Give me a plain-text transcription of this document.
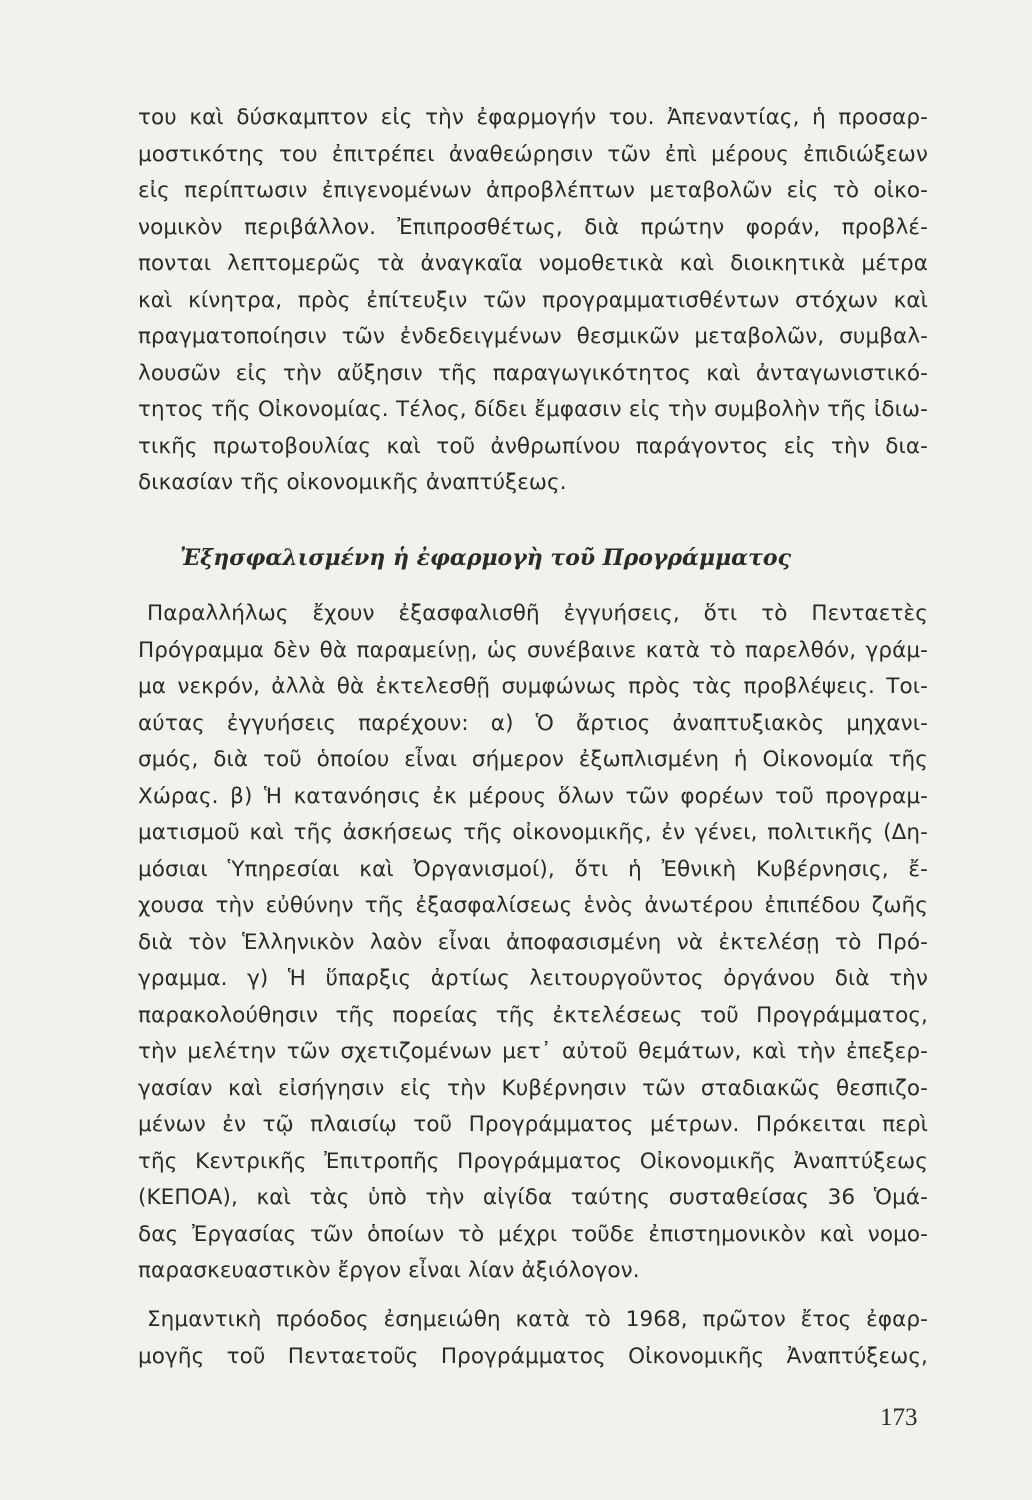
του καὶ δύσκαμπτον εἰς τὴν ἐφαρμογήν του. Ἀπεναντίας, ἡ προσαρ-
μοστικότης του ἐπιτρέπει ἀναθεώρησιν τῶν ἐπὶ μέρους ἐπιδιώξεων
εἰς περίπτωσιν ἐπιγενομένων ἀπροβλέπτων μεταβολῶν εἰς τὸ οἰκο-
νομικὸν περιβάλλον. Ἐπιπροσθέτως, διὰ πρώτην φοράν, προβλέ-
πονται λεπτομερῶς τὰ ἀναγκαῖα νομοθετικὰ καὶ διοικητικὰ μέτρα
καὶ κίνητρα, πρὸς ἐπίτευξιν τῶν προγραμματισθέντων στόχων καὶ
πραγματοποίησιν τῶν ἐνδεδειγμένων θεσμικῶν μεταβολῶν, συμβαλ-
λουσῶν εἰς τὴν αὔξησιν τῆς παραγωγικότητος καὶ ἀνταγωνιστικό-
τητος τῆς Οἰκονομίας. Τέλος, δίδει ἔμφασιν εἰς τὴν συμβολὴν τῆς ἰδιω-
τικῆς πρωτοβουλίας καὶ τοῦ ἀνθρωπίνου παράγοντος εἰς τὴν δια-
δικασίαν τῆς οἰκονομικῆς ἀναπτύξεως.
Ἐξησφαλισμένη ἡ ἐφαρμογὴ τοῦ Προγράμματος
Παραλλήλως ἔχουν ἐξασφαλισθῆ ἐγγυήσεις, ὅτι τὸ Πενταετὲς
Πρόγραμμα δὲν θὰ παραμείνῃ, ὡς συνέβαινε κατὰ τὸ παρελθόν, γράμ-
μα νεκρόν, ἀλλὰ θὰ ἐκτελεσθῇ συμφώνως πρὸς τὰς προβλέψεις. Τοι-
αύτας ἐγγυήσεις παρέχουν: α) Ὁ ἄρτιος ἀναπτυξιακὸς μηχανι-
σμός, διὰ τοῦ ὁποίου εἶναι σήμερον ἐξωπλισμένη ἡ Οἰκονομία τῆς
Χώρας. β) Ἡ κατανόησις ἐκ μέρους ὅλων τῶν φορέων τοῦ προγραμ-
ματισμοῦ καὶ τῆς ἀσκήσεως τῆς οἰκονομικῆς, ἐν γένει, πολιτικῆς (Δη-
μόσιαι Ὑπηρεσίαι καὶ Ὀργανισμοί), ὅτι ἡ Ἐθνικὴ Κυβέρνησις, ἔ-
χουσα τὴν εὐθύνην τῆς ἐξασφαλίσεως ἑνὸς ἀνωτέρου ἐπιπέδου ζωῆς
διὰ τὸν Ἑλληνικὸν λαὸν εἶναι ἀποφασισμένη νὰ ἐκτελέσῃ τὸ Πρό-
γραμμα. γ) Ἡ ὕπαρξις ἀρτίως λειτουργοῦντος ὀργάνου διὰ τὴν
παρακολούθησιν τῆς πορείας τῆς ἐκτελέσεως τοῦ Προγράμματος,
τὴν μελέτην τῶν σχετιζομένων μετ᾽ αὐτοῦ θεμάτων, καὶ τὴν ἐπεξερ-
γασίαν καὶ εἰσήγησιν εἰς τὴν Κυβέρνησιν τῶν σταδιακῶς θεσπιζο-
μένων ἐν τῷ πλαισίῳ τοῦ Προγράμματος μέτρων. Πρόκειται περὶ
τῆς Κεντρικῆς Ἐπιτροπῆς Προγράμματος Οἰκονομικῆς Ἀναπτύξεως
(ΚΕΠΟΑ), καὶ τὰς ὑπὸ τὴν αἰγίδα ταύτης συσταθείσας 36 Ὁμά-
δας Ἐργασίας τῶν ὁποίων τὸ μέχρι τοῦδε ἐπιστημονικὸν καὶ νομο-
παρασκευαστικὸν ἔργον εἶναι λίαν ἀξιόλογον.
Σημαντικὴ πρόοδος ἐσημειώθη κατὰ τὸ 1968, πρῶτον ἔτος ἐφαρ-
μογῆς τοῦ Πενταετοῦς Προγράμματος Οἰκονομικῆς Ἀναπτύξεως,
173
